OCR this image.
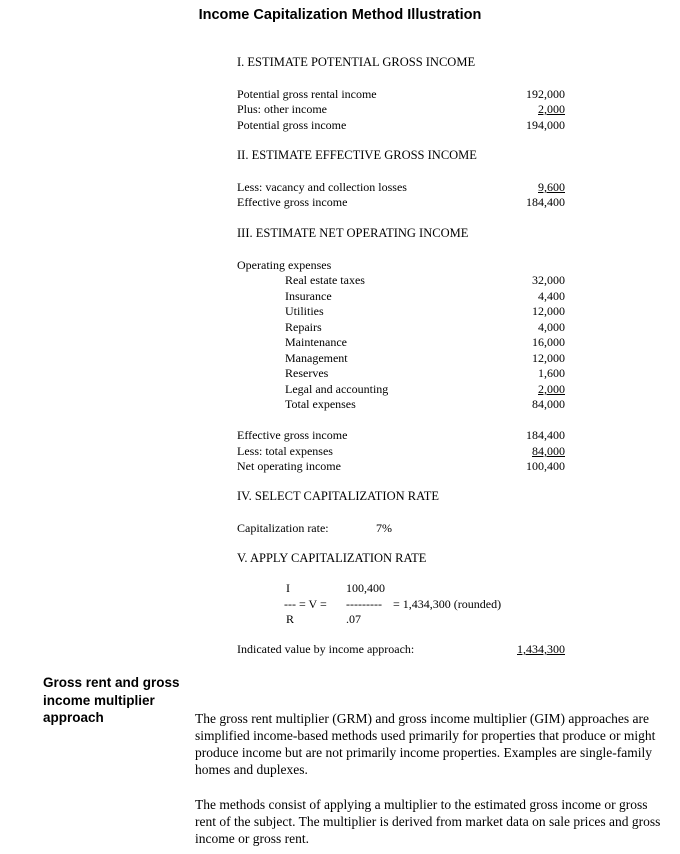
Income Capitalization Method Illustration
I. ESTIMATE POTENTIAL GROSS INCOME
Potential gross rental income	192,000
Plus: other income	2,000
Potential gross income	194,000
II. ESTIMATE EFFECTIVE GROSS INCOME
Less: vacancy and collection losses	9,600
Effective gross income	184,400
III. ESTIMATE NET OPERATING INCOME
Operating expenses
Real estate taxes	32,000
Insurance	4,400
Utilities	12,000
Repairs	4,000
Maintenance	16,000
Management	12,000
Reserves	1,600
Legal and accounting	2,000
Total expenses	84,000
Effective gross income	184,400
Less: total expenses	84,000
Net operating income	100,400
IV. SELECT CAPITALIZATION RATE
Capitalization rate:	7%
V. APPLY CAPITALIZATION RATE
I	100,400
--- = V = --------- = 1,434,300 (rounded)
R	.07
Indicated value by income approach:	1,434,300
Gross rent and gross income multiplier approach	The gross rent multiplier (GRM) and gross income multiplier (GIM) approaches are simplified income-based methods used primarily for properties that produce or might produce income but are not primarily income properties. Examples are single-family homes and duplexes.
The methods consist of applying a multiplier to the estimated gross income or gross rent of the subject. The multiplier is derived from market data on sale prices and gross income or gross rent.
